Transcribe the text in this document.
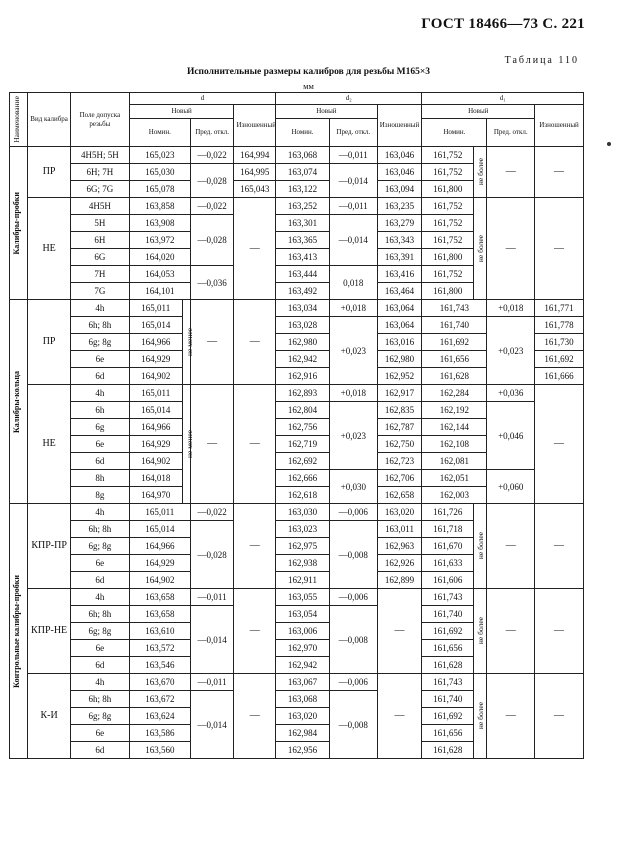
ГОСТ 18466—73 С. 221
Таблица 110
Исполнительные размеры калибров для резьбы М165×3
мм
Наименование	Вид калибра	Поле допуска резьбы	d				d₂			d₁			
			Новый			Изношенный	Новый		Изношенный	Новый			Изношенный
			Номин.		Пред. откл.		Номин.	Пред. откл.		Номин.		Пред. откл.	

Калибры-пробки	ПР	4H5H; 5H	165,023		—0,022	164,994	163,068	—0,011	163,046	161,752	не более	—	—
		6H; 7H	165,030		—0,028	164,995	163,074	—0,014	163,046	161,752			
		6G; 7G	165,078			165,043	163,122		163,094	161,800			
	НЕ	4H5H	163,858		—0,022	—	163,252	—0,011	163,235	161,752	не более	—	—
		5H	163,908		—0,028		163,301	—0,014	163,279	161,752			
		6H	163,972				163,365		163,343	161,752			
		6G	164,020				163,413		163,391	161,800			
		7H	164,053		—0,036		163,444	0,018	163,416	161,752			
		7G	164,101				163,492		163,464	161,800			

Калибры-кольца	ПР	4h	165,011	не менее	—	—	163,034	+0,018	163,064	161,743		+0,018	161,771
		6h; 8h	165,014				163,028	+0,023	163,064	161,740		+0,023	161,778
		6g; 8g	164,966				162,980		163,016	161,692			161,730
		6e	164,929				162,942		162,980	161,656			161,692
		6d	164,902				162,916		162,952	161,628			161,666
	НЕ	4h	165,011	не менее	—	—	162,893	+0,018	162,917	162,284		+0,036	—
		6h	165,014				162,804	+0,023	162,835	162,192		+0,046	
		6g	164,966				162,756		162,787	162,144			
		6e	164,929				162,719		162,750	162,108			
		6d	164,902				162,692		162,723	162,081			
		8h	164,018				162,666	+0,030	162,706	162,051		+0,060	
		8g	164,970				162,618		162,658	162,003			

Контрольные калибры-пробки	КПР-ПР	4h	165,011		—0,022	—	163,030	—0,006	163,020	161,726	не более	—	—
		6h; 8h	165,014		—0,028		163,023	—0,008	163,011	161,718			
		6g; 8g	164,966				162,975		162,963	161,670			
		6e	164,929				162,938		162,926	161,633			
		6d	164,902				162,911		162,899	161,606			
	КПР-НЕ	4h	163,658		—0,011	—	163,055	—0,006	—	161,743	не более	—	—
		6h; 8h	163,658		—0,014		163,054	—0,008		161,740			
		6g; 8g	163,610				163,006			161,692			
		6e	163,572				162,970			161,656			
		6d	163,546				162,942			161,628			
	К-И	4h	163,670		—0,011	—	163,067	—0,006	—	161,743	не более	—	—
		6h; 8h	163,672		—0,014		163,068	—0,008		161,740			
		6g; 8g	163,624				163,020			161,692			
		6e	163,586				162,984			161,656			
		6d	163,560				162,956			161,628			
